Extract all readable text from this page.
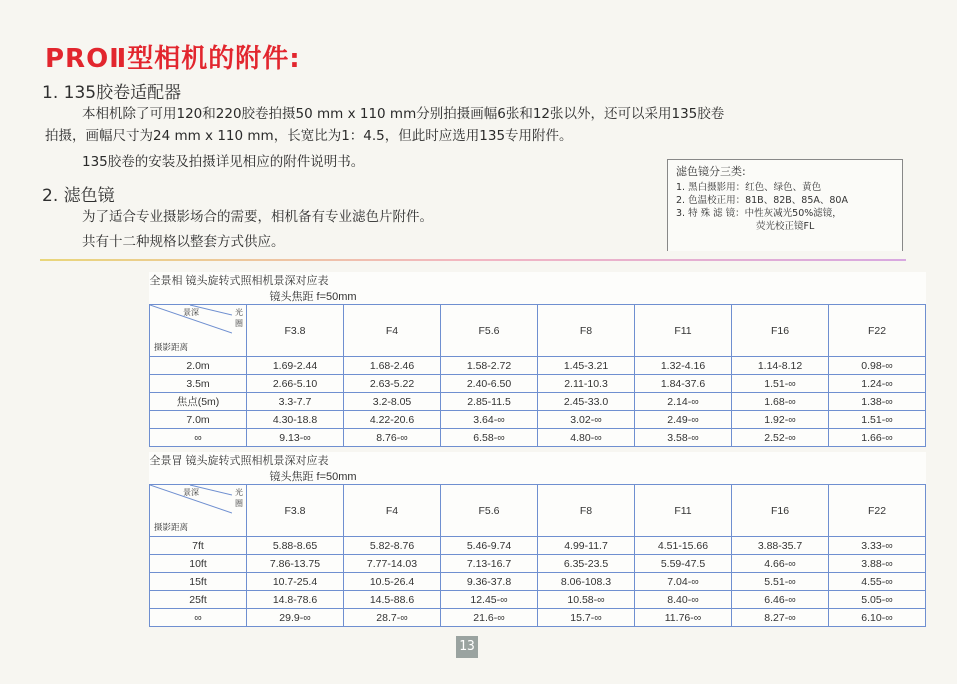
PROⅡ型相机的附件:
1. 135胶卷适配器
本相机除了可用120和220胶卷拍摄50 mm x 110 mm分别拍摄画幅6张和12张以外，还可以采用135胶卷
拍摄，画幅尺寸为24 mm x 110 mm，长宽比为1：4.5，但此时应选用135专用附件。
135胶卷的安装及拍摄详见相应的附件说明书。
2. 滤色镜
为了适合专业摄影场合的需要，相机备有专业滤色片附件。
共有十二种规格以整套方式供应。
滤色镜分三类:
1. 黑白摄影用：红色、绿色、黄色
2. 色温校正用：81B、82B、85A、80A
3. 特 殊 滤 镜：中性灰减光50%滤镜，
荧光校正镜FL
全景相 镜头旋转式照相机景深对应表镜头焦距 f=50mm							

景深 光圈
摄影距离	F3.8	F4	F5.6	F8	F11	F16	F22
2.0m	1.69-2.44	1.68-2.46	1.58-2.72	1.45-3.21	1.32-4.16	1.14-8.12	0.98-∞
3.5m	2.66-5.10	2.63-5.22	2.40-6.50	2.11-10.3	1.84-37.6	1.51-∞	1.24-∞
焦点(5m)	3.3-7.7	3.2-8.05	2.85-11.5	2.45-33.0	2.14-∞	1.68-∞	1.38-∞
7.0m	4.30-18.8	4.22-20.6	3.64-∞	3.02-∞	2.49-∞	1.92-∞	1.51-∞
∞	9.13-∞	8.76-∞	6.58-∞	4.80-∞	3.58-∞	2.52-∞	1.66-∞
全景冒 镜头旋转式照相机景深对应表镜头焦距 f=50mm							

景深 光圈
摄影距离	F3.8	F4	F5.6	F8	F11	F16	F22
7ft	5.88-8.65	5.82-8.76	5.46-9.74	4.99-11.7	4.51-15.66	3.88-35.7	3.33-∞
10ft	7.86-13.75	7.77-14.03	7.13-16.7	6.35-23.5	5.59-47.5	4.66-∞	3.88-∞
15ft	10.7-25.4	10.5-26.4	9.36-37.8	8.06-108.3	7.04-∞	5.51-∞	4.55-∞
25ft	14.8-78.6	14.5-88.6	12.45-∞	10.58-∞	8.40-∞	6.46-∞	5.05-∞
∞	29.9-∞	28.7-∞	21.6-∞	15.7-∞	11.76-∞	8.27-∞	6.10-∞
13
